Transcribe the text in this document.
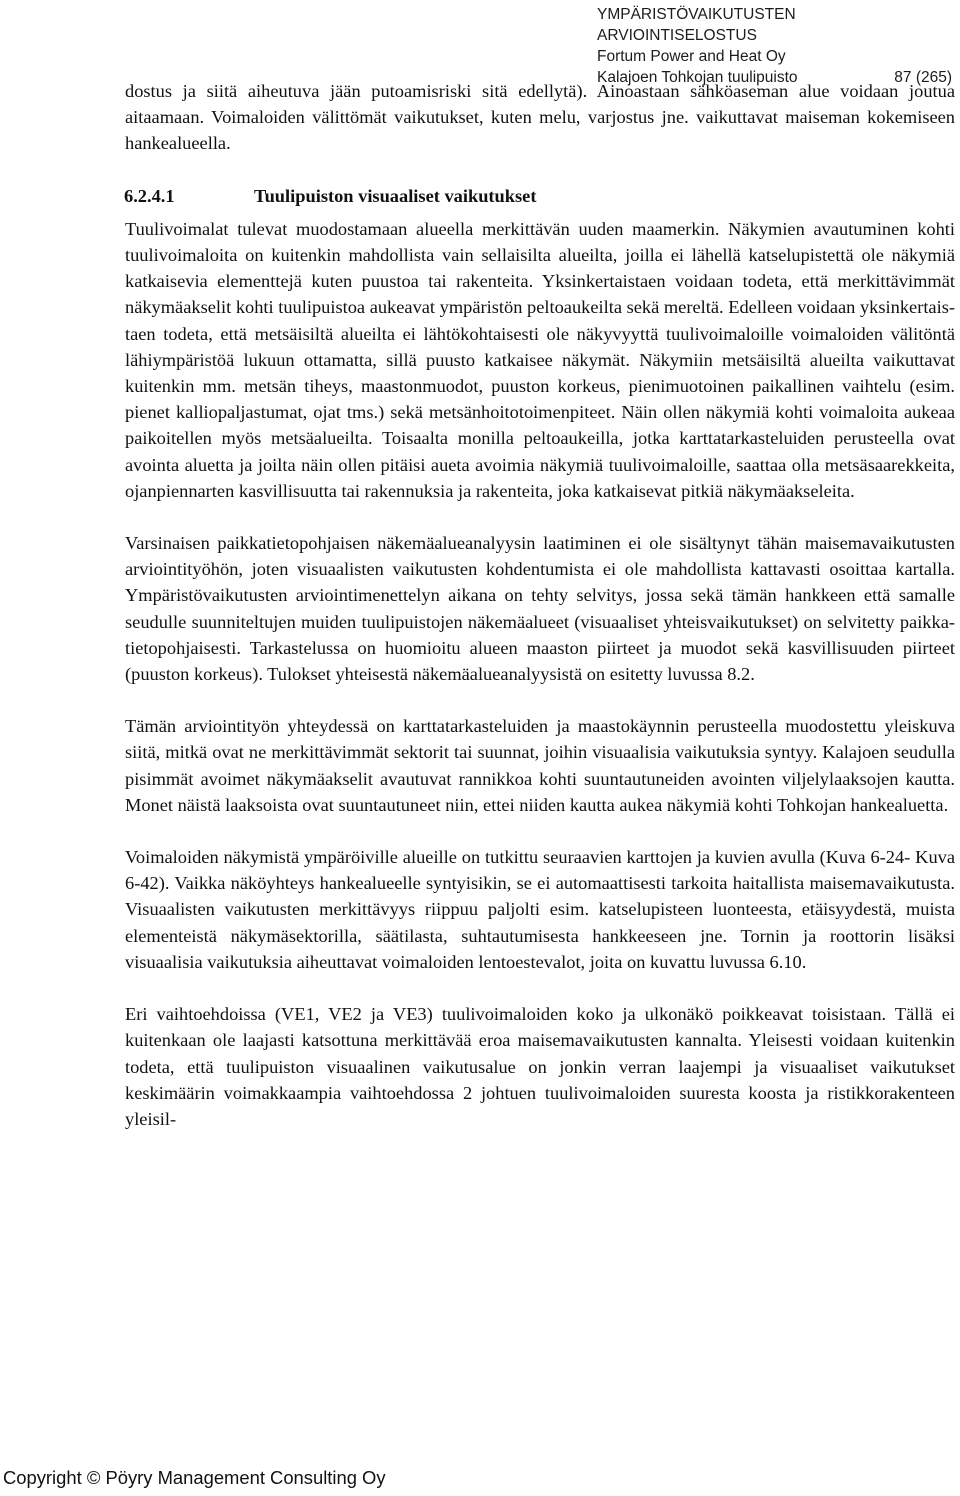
YMPÄRISTÖVAIKUTUSTEN
ARVIOINTISELOSTUS
Fortum Power and Heat Oy
Kalajoen Tohkojan tuulipuisto	87 (265)

dostus ja siitä aiheutuva jään putoamisriski sitä edellytä). Ainoastaan sähköaseman alue voidaan joutua aitaamaan. Voimaloiden välittömät vaikutukset, kuten melu, varjostus jne. vaikuttavat maiseman kokemiseen hankealueella.

6.2.4.1	Tuulipuiston visuaaliset vaikutukset

Tuulivoimalat tulevat muodostamaan alueella merkittävän uuden maamerkin. Näkymien avautuminen kohti tuulivoimaloita on kuitenkin mahdollista vain sellaisilta alueilta, joilla ei lähellä katselupistettä ole näkymiä katkaisevia elementtejä kuten puustoa tai rakenteita. Yksinkertaistaen voidaan todeta, että merkittävimmät näkymäakselit kohti tuulipuistoa aukeavat ympäristön peltoaukeilta sekä mereltä. Edelleen voidaan yksinkertaistaen todeta, että metsäisiltä alueilta ei lähtökohtaisesti ole näkyvyyttä tuulivoimaloille voimaloiden välitöntä lähiympäristöä lukuun ottamatta, sillä puusto katkaisee näkymät. Näkymiin metsäisiltä alueilta vaikuttavat kuitenkin mm. metsän tiheys, maastonmuodot, puuston korkeus, pienimuotoinen paikallinen vaihtelu (esim. pienet kalliopaljastumat, ojat tms.) sekä metsänhoitotoimenpiteet. Näin ollen näkymiä kohti voimaloita aukeaa paikoitellen myös metsäalueilta. Toisaalta monilla peltoaukeilla, jotka karttatarkasteluiden perusteella ovat avointa aluetta ja joilta näin ollen pitäisi aueta avoimia näkymiä tuulivoimaloille, saattaa olla metsäsaarekkeita, ojanpiennarten kasvillisuutta tai rakennuksia ja rakenteita, joka katkaisevat pitkiä näkymäakseleita.

Varsinaisen paikkatietopohjaisen näkemäalueanalyysin laatiminen ei ole sisältynyt tähän maisemavaikutusten arviointityöhön, joten visuaalisten vaikutusten kohdentumista ei ole mahdollista kattavasti osoittaa kartalla. Ympäristövaikutusten arviointimenettelyn aikana on tehty selvitys, jossa sekä tämän hankkeen että samalle seudulle suunniteltujen muiden tuulipuistojen näkemäalueet (visuaaliset yhteisvaikutukset) on selvitetty paikkatietopohjaisesti. Tarkastelussa on huomioitu alueen maaston piirteet ja muodot sekä kasvillisuuden piirteet (puuston korkeus). Tulokset yhteisestä näkemäalueanalyysistä on esitetty luvussa 8.2.

Tämän arviointityön yhteydessä on karttatarkasteluiden ja maastokäynnin perusteella muodostettu yleiskuva siitä, mitkä ovat ne merkittävimmät sektorit tai suunnat, joihin visuaalisia vaikutuksia syntyy. Kalajoen seudulla pisimmät avoimet näkymäakselit avautuvat rannikkoa kohti suuntautuneiden avointen viljelylaaksojen kautta. Monet näistä laaksoista ovat suuntautuneet niin, ettei niiden kautta aukea näkymiä kohti Tohkojan hankealuetta.

Voimaloiden näkymistä ympäröiville alueille on tutkittu seuraavien karttojen ja kuvien avulla (Kuva 6-24- Kuva 6-42). Vaikka näköyhteys hankealueelle syntyisikin, se ei automaattisesti tarkoita haitallista maisemavaikutusta. Visuaalisten vaikutusten merkittävyys riippuu paljolti esim. katselupisteen luonteesta, etäisyydestä, muista elementeistä näkymäsektorilla, säätilasta, suhtautumisesta hankkeeseen jne. Tornin ja roottorin lisäksi visuaalisia vaikutuksia aiheuttavat voimaloiden lentoestevalot, joita on kuvattu luvussa 6.10.

Eri vaihtoehdoissa (VE1, VE2 ja VE3) tuulivoimaloiden koko ja ulkonäkö poikkeavat toisistaan. Tällä ei kuitenkaan ole laajasti katsottuna merkittävää eroa maisemavaikutusten kannalta. Yleisesti voidaan kuitenkin todeta, että tuulipuiston visuaalinen vaikutusalue on jonkin verran laajempi ja visuaaliset vaikutukset keskimäärin voimakkaampia vaihtoehdossa 2 johtuen tuulivoimaloiden suuresta koosta ja ristikkorakenteen yleisil-

Copyright © Pöyry Management Consulting Oy
